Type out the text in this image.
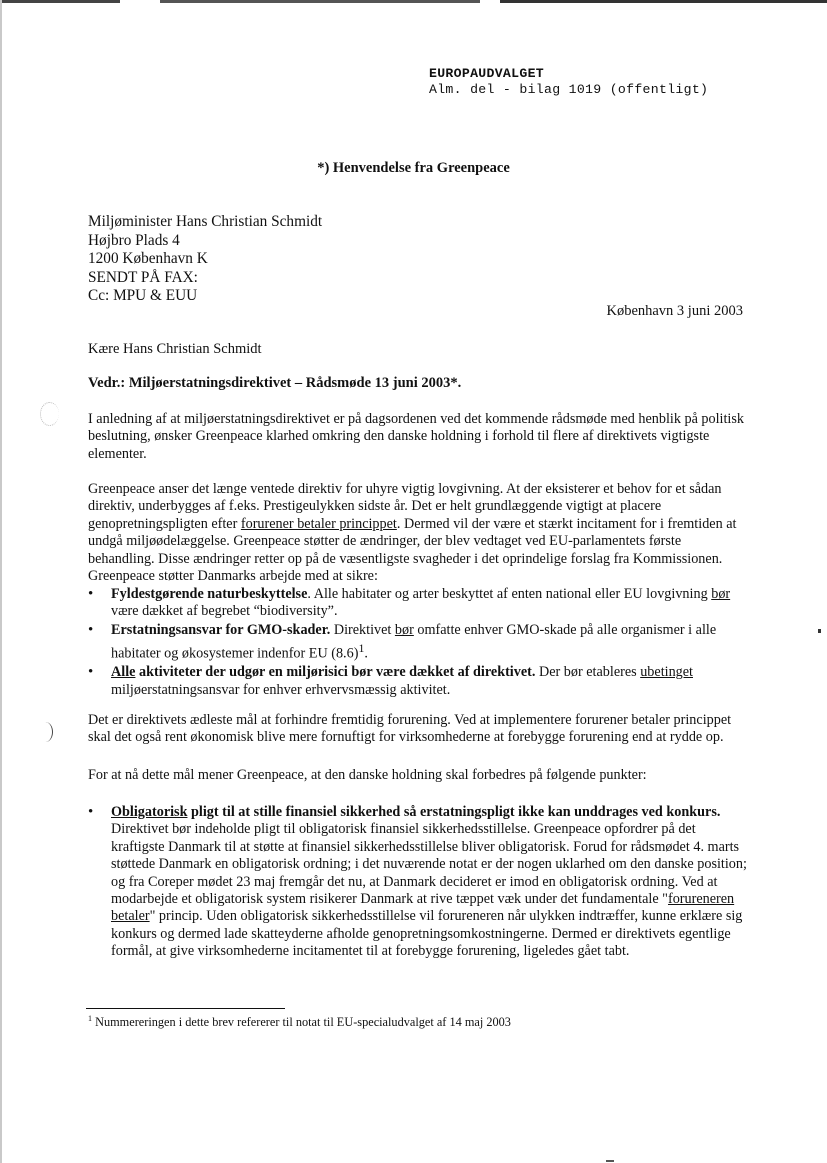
EUROPAUDVALGET
Alm. del - bilag 1019 (offentligt)
*) Henvendelse fra Greenpeace
Miljøminister Hans Christian Schmidt
Højbro Plads 4
1200 København K
SENDT PÅ FAX:
Cc: MPU & EUU
København 3 juni 2003
Kære Hans Christian Schmidt
Vedr.: Miljøerstatningsdirektivet – Rådsmøde 13 juni 2003*.
I anledning af at miljøerstatningsdirektivet er på dagsordenen ved det kommende rådsmøde med henblik på politisk beslutning, ønsker Greenpeace klarhed omkring den danske holdning i forhold til flere af direktivets vigtigste elementer.
Greenpeace anser det længe ventede direktiv for uhyre vigtig lovgivning. At der eksisterer et behov for et sådan direktiv, underbygges af f.eks. Prestigeulykken sidste år. Det er helt grundlæggende vigtigt at placere genopretningspligten efter forurener betaler princippet. Dermed vil der være et stærkt incitament for i fremtiden at undgå miljøødelæggelse. Greenpeace støtter de ændringer, der blev vedtaget ved EU-parlamentets første behandling. Disse ændringer retter op på de væsentligste svagheder i det oprindelige forslag fra Kommissionen. Greenpeace støtter Danmarks arbejde med at sikre:
• Fyldestgørende naturbeskyttelse. Alle habitater og arter beskyttet af enten national eller EU lovgivning bør være dækket af begrebet “biodiversity”.
• Erstatningsansvar for GMO-skader. Direktivet bør omfatte enhver GMO-skade på alle organismer i alle habitater og økosystemer indenfor EU $(8.6)^1$.
• Alle aktiviteter der udgør en miljørisici bør være dækket af direktivet. Der bør etableres ubetinget miljøerstatningsansvar for enhver erhvervsmæssig aktivitet.
Det er direktivets ædleste mål at forhindre fremtidig forurening. Ved at implementere forurener betaler princippet skal det også rent økonomisk blive mere fornuftigt for virksomhederne at forebygge forurening end at rydde op.
For at nå dette mål mener Greenpeace, at den danske holdning skal forbedres på følgende punkter:
• Obligatorisk pligt til at stille finansiel sikkerhed så erstatningspligt ikke kan unddrages ved konkurs. Direktivet bør indeholde pligt til obligatorisk finansiel sikkerhedsstillelse. Greenpeace opfordrer på det kraftigste Danmark til at støtte at finansiel sikkerhedsstillelse bliver obligatorisk. Forud for rådsmødet 4. marts støttede Danmark en obligatorisk ordning; i det nuværende notat er der nogen uklarhed om den danske position; og fra Coreper mødet 23 maj fremgår det nu, at Danmark decideret er imod en obligatorisk ordning. Ved at modarbejde et obligatorisk system risikerer Danmark at rive tæppet væk under det fundamentale "forureneren betaler" princip. Uden obligatorisk sikkerhedsstillelse vil forureneren når ulykken indtræffer, kunne erklære sig konkurs og dermed lade skatteyderne afholde genopretningsomkostningerne. Dermed er direktivets egentlige formål, at give virksomhederne incitamentet til at forebygge forurening, ligeledes gået tabt.
$^1$ Nummereringen i dette brev refererer til notat til EU-specialudvalget af 14 maj 2003
